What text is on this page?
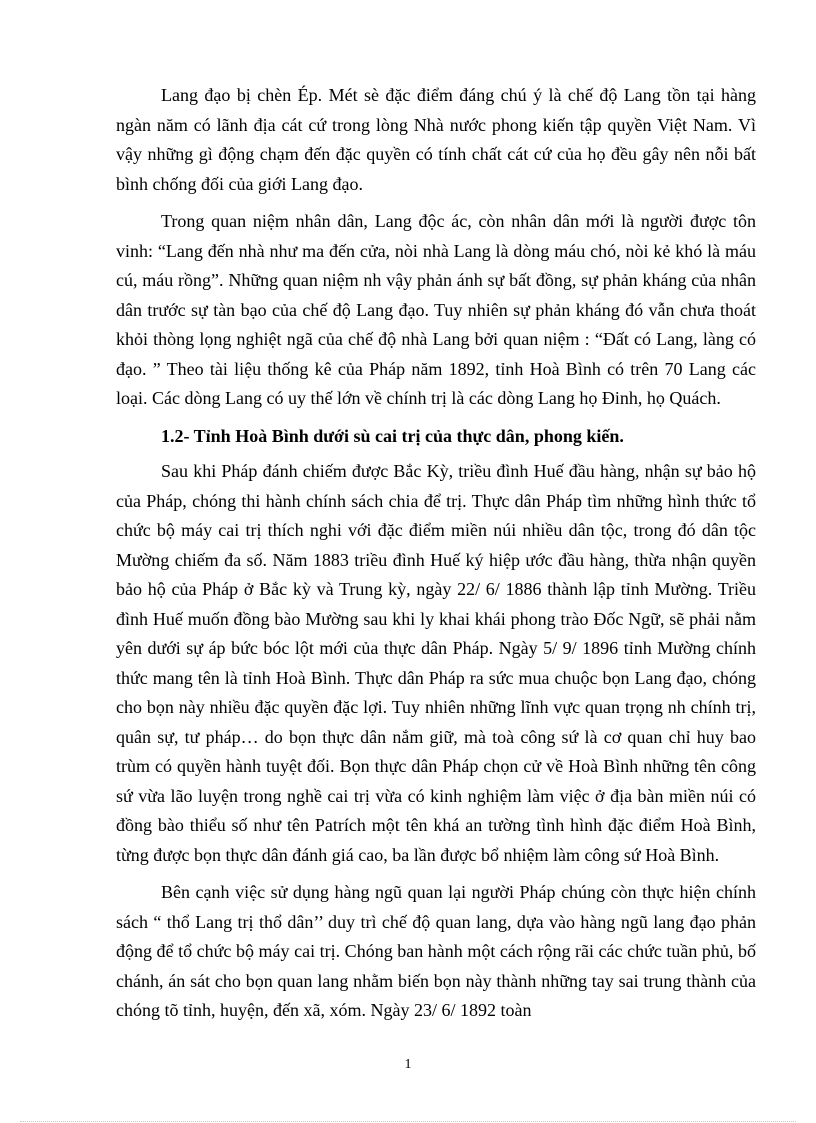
Lang đạo bị chèn Ép. Mét sè đặc điểm đáng chú ý là chế độ Lang tồn tại hàng ngàn năm có lãnh địa cát cứ trong lòng Nhà nước phong kiến tập quyền Việt Nam. Vì vậy những gì động chạm đến đặc quyền có tính chất cát cứ của họ đều gây nên nỗi bất bình chống đối của giới Lang đạo.

Trong quan niệm nhân dân, Lang độc ác, còn nhân dân mới là người được tôn vinh: “Lang đến nhà như ma đến cửa, nòi nhà Lang là dòng máu chó, nòi kẻ khó là máu cú, máu rồng”. Những quan niệm nh vậy phản ánh sự bất đồng, sự phản kháng của nhân dân trước sự tàn bạo của chế độ Lang đạo. Tuy nhiên sự phản kháng đó vẫn chưa thoát khỏi thòng lọng nghiệt ngã của chế độ nhà Lang bởi quan niệm : “Đất có Lang, làng có đạo. ” Theo tài liệu thống kê của Pháp năm 1892, tỉnh Hoà Bình có trên 70 Lang các loại. Các dòng Lang có uy thế lớn về chính trị là các dòng Lang họ Đinh, họ Quách.

1.2- Tỉnh Hoà Bình dưới sù cai trị của thực dân, phong kiến.

Sau khi Pháp đánh chiếm được Bắc Kỳ, triều đình Huế đầu hàng, nhận sự bảo hộ của Pháp, chóng thi hành chính sách chia để trị. Thực dân Pháp tìm những hình thức tổ chức bộ máy cai trị thích nghi với đặc điểm miền núi nhiều dân tộc, trong đó dân tộc Mường chiếm đa số. Năm 1883 triều đình Huế ký hiệp ước đầu hàng, thừa nhận quyền bảo hộ của Pháp ở Bắc kỳ và Trung kỳ, ngày 22/ 6/ 1886 thành lập tỉnh Mường. Triều đình Huế muốn đồng bào Mường sau khi ly khai khái phong trào Đốc Ngữ, sẽ phải nằm yên dưới sự áp bức bóc lột mới của thực dân Pháp. Ngày 5/ 9/ 1896 tỉnh Mường chính thức mang tên là tỉnh Hoà Bình. Thực dân Pháp ra sức mua chuộc bọn Lang đạo, chóng cho bọn này nhiều đặc quyền đặc lợi. Tuy nhiên những lĩnh vực quan trọng nh chính trị, quân sự, tư pháp… do bọn thực dân nắm giữ, mà toà công sứ là cơ quan chỉ huy bao trùm có quyền hành tuyệt đối. Bọn thực dân Pháp chọn cử về Hoà Bình những tên công sứ vừa lão luyện trong nghề cai trị vừa có kinh nghiệm làm việc ở địa bàn miền núi có đồng bào thiểu số như tên Patrích một tên khá an tường tình hình đặc điểm Hoà Bình, từng được bọn thực dân đánh giá cao, ba lần được bổ nhiệm làm công sứ Hoà Bình.

Bên cạnh việc sử dụng hàng ngũ quan lại người Pháp chúng còn thực hiện chính sách “ thổ Lang trị thổ dân’’ duy trì chế độ quan lang, dựa vào hàng ngũ lang đạo phản động để tổ chức bộ máy cai trị. Chóng ban hành một cách rộng rãi các chức tuần phủ, bố chánh, án sát cho bọn quan lang nhằm biến bọn này thành những tay sai trung thành của chóng tõ tỉnh, huyện, đến xã, xóm. Ngày 23/ 6/ 1892 toàn

1
